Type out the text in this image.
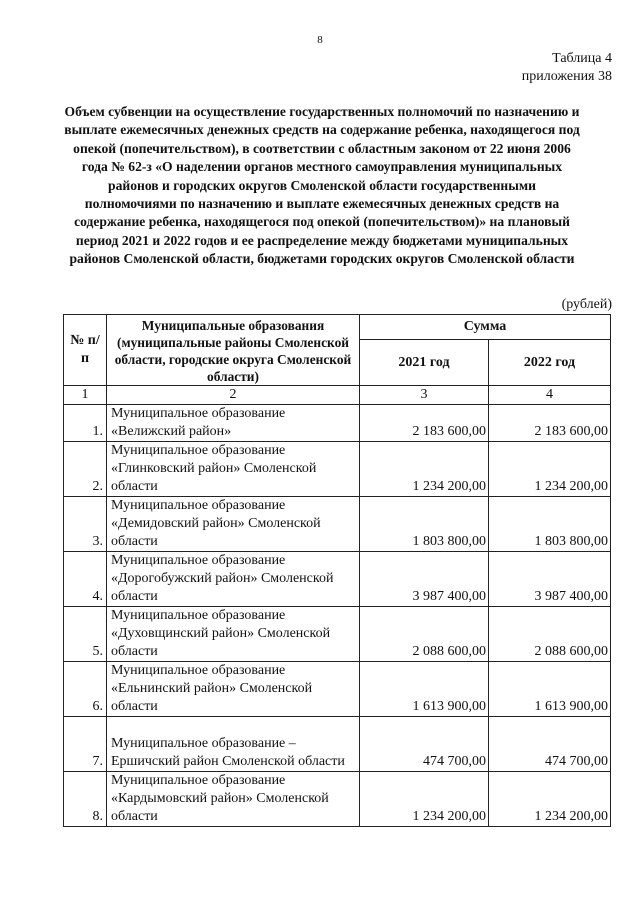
8
Таблица 4
приложения 38
Объем субвенции на осуществление государственных полномочий по назначению и выплате ежемесячных денежных средств на содержание ребенка, находящегося под опекой (попечительством), в соответствии с областным законом от 22 июня 2006 года № 62-з «О наделении органов местного самоуправления муниципальных районов и городских округов Смоленской области государственными полномочиями по назначению и выплате ежемесячных денежных средств на содержание ребенка, находящегося под опекой (попечительством)» на плановый период 2021 и 2022 годов и ее распределение между бюджетами муниципальных районов Смоленской области, бюджетами городских округов Смоленской области
(рублей)
№ п/п	Муниципальные образования (муниципальные районы Смоленской области, городские округа Смоленской области)	Сумма	
		2021 год	2022 год
1	2	3	4
1.	Муниципальное образование «Велижский район»	2 183 600,00	2 183 600,00
2.	Муниципальное образование «Глинковский район» Смоленской области	1 234 200,00	1 234 200,00
3.	Муниципальное образование «Демидовский район» Смоленской области	1 803 800,00	1 803 800,00
4.	Муниципальное образование «Дорогобужский район» Смоленской области	3 987 400,00	3 987 400,00
5.	Муниципальное образование «Духовщинский район» Смоленской области	2 088 600,00	2 088 600,00
6.	Муниципальное образование «Ельнинский район» Смоленской области	1 613 900,00	1 613 900,00
7.	Муниципальное образование – Ершичский район Смоленской области	474 700,00	474 700,00
8.	Муниципальное образование «Кардымовский район» Смоленской области	1 234 200,00	1 234 200,00
